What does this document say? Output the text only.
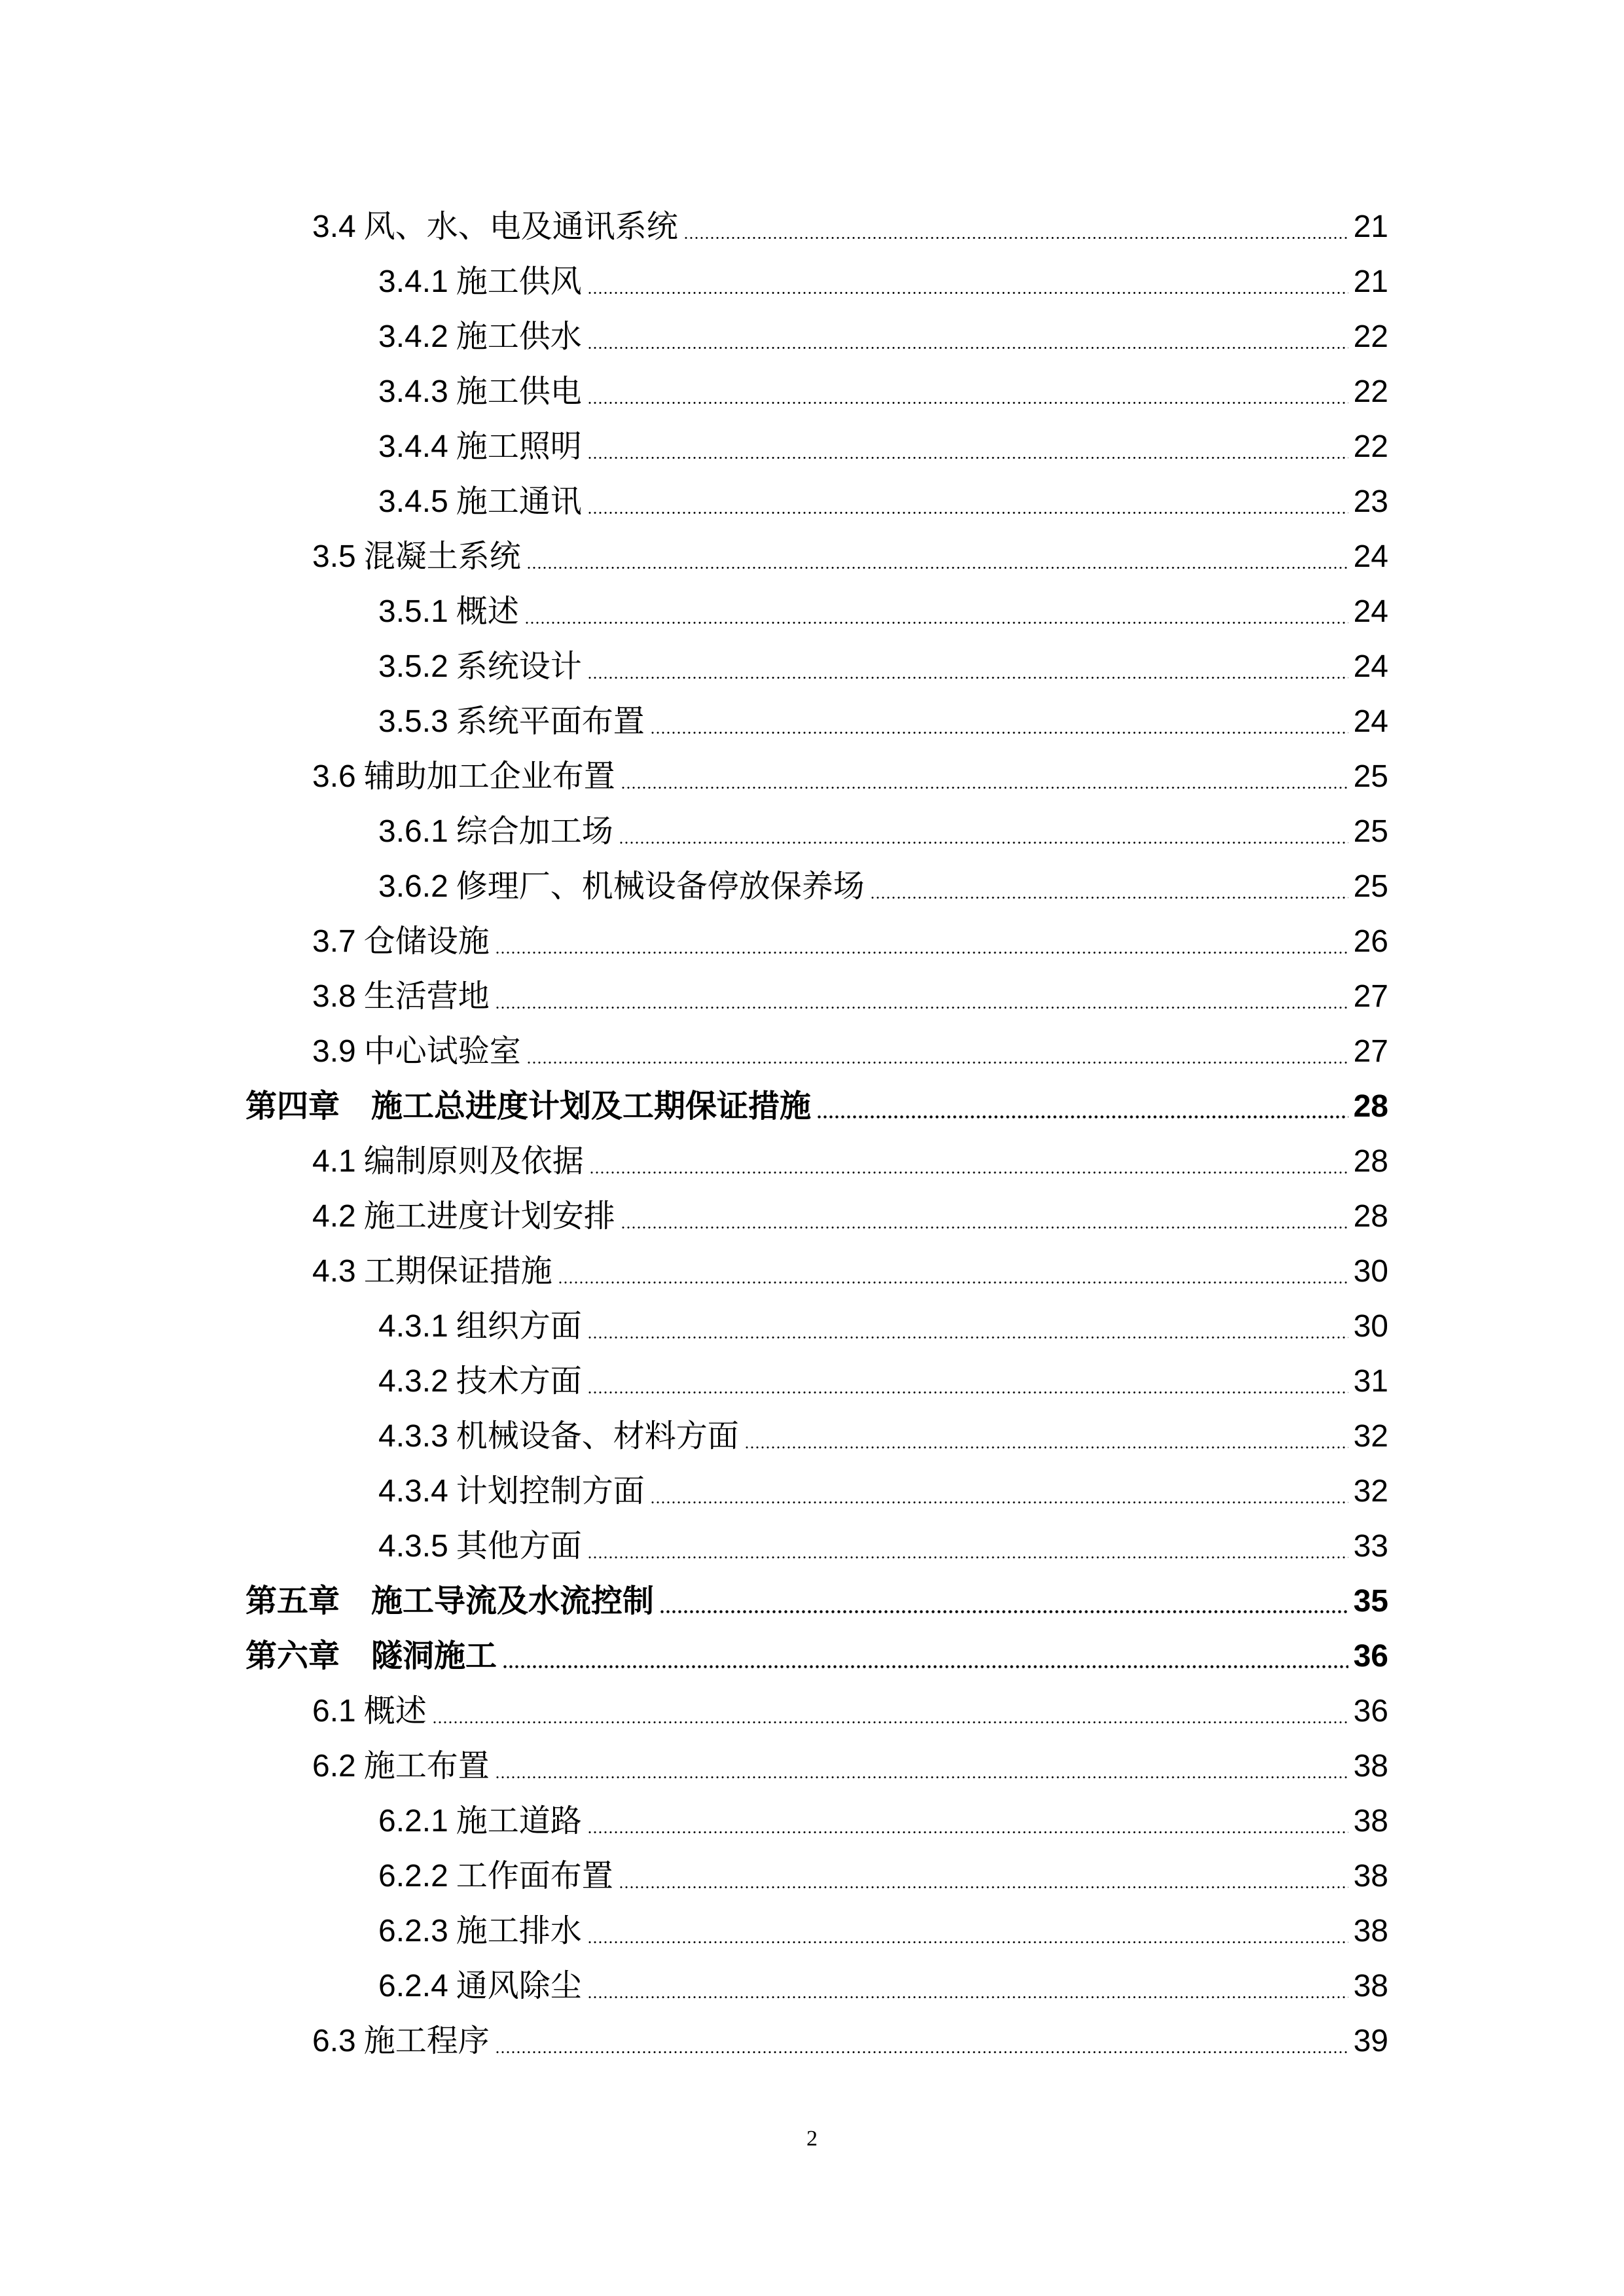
3.4 风、水、电及通讯系统	21
3.4.1 施工供风	21
3.4.2 施工供水	22
3.4.3 施工供电	22
3.4.4 施工照明	22
3.4.5 施工通讯	23
3.5 混凝土系统	24
3.5.1 概述	24
3.5.2 系统设计	24
3.5.3 系统平面布置	24
3.6 辅助加工企业布置	25
3.6.1 综合加工场	25
3.6.2 修理厂、机械设备停放保养场	25
3.7 仓储设施	26
3.8 生活营地	27
3.9 中心试验室	27
第四章 施工总进度计划及工期保证措施	28
4.1 编制原则及依据	28
4.2 施工进度计划安排	28
4.3 工期保证措施	30
4.3.1 组织方面	30
4.3.2 技术方面	31
4.3.3 机械设备、材料方面	32
4.3.4 计划控制方面	32
4.3.5 其他方面	33
第五章 施工导流及水流控制	35
第六章 隧洞施工	36
6.1 概述	36
6.2 施工布置	38
6.2.1 施工道路	38
6.2.2 工作面布置	38
6.2.3 施工排水	38
6.2.4 通风除尘	38
6.3 施工程序	39
2
